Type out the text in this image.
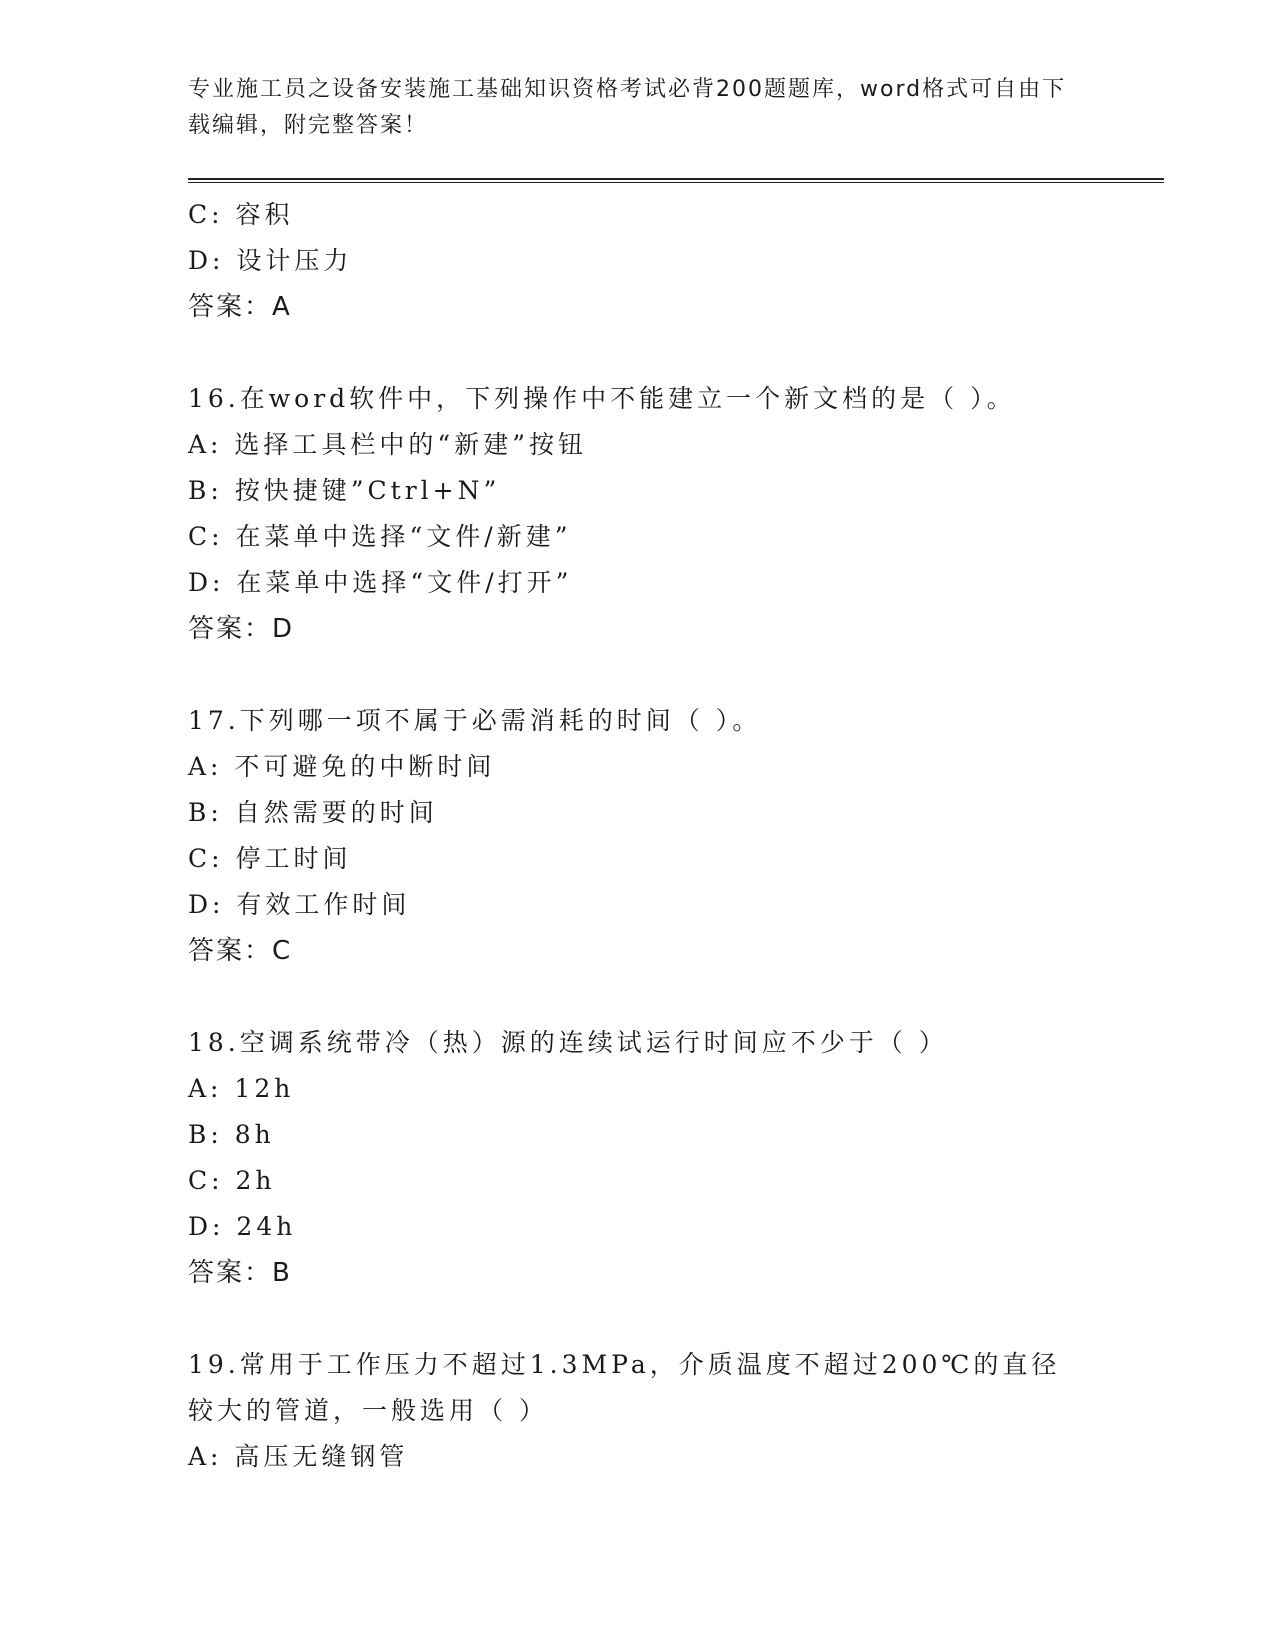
专业施工员之设备安装施工基础知识资格考试必背200题题库，word格式可自由下载编辑，附完整答案！
C: 容积
D: 设计压力
答案：A
16.在word软件中，下列操作中不能建立一个新文档的是（ ）。
A: 选择工具栏中的“新建”按钮
B: 按快捷键”Ctrl+N”
C: 在菜单中选择“文件/新建”
D: 在菜单中选择“文件/打开”
答案：D
17.下列哪一项不属于必需消耗的时间（ ）。
A: 不可避免的中断时间
B: 自然需要的时间
C: 停工时间
D: 有效工作时间
答案：C
18.空调系统带冷（热）源的连续试运行时间应不少于（ ）
A: 12h
B: 8h
C: 2h
D: 24h
答案：B
19.常用于工作压力不超过1.3MPa，介质温度不超过200℃的直径较大的管道，一般选用（ ）
A: 高压无缝钢管
